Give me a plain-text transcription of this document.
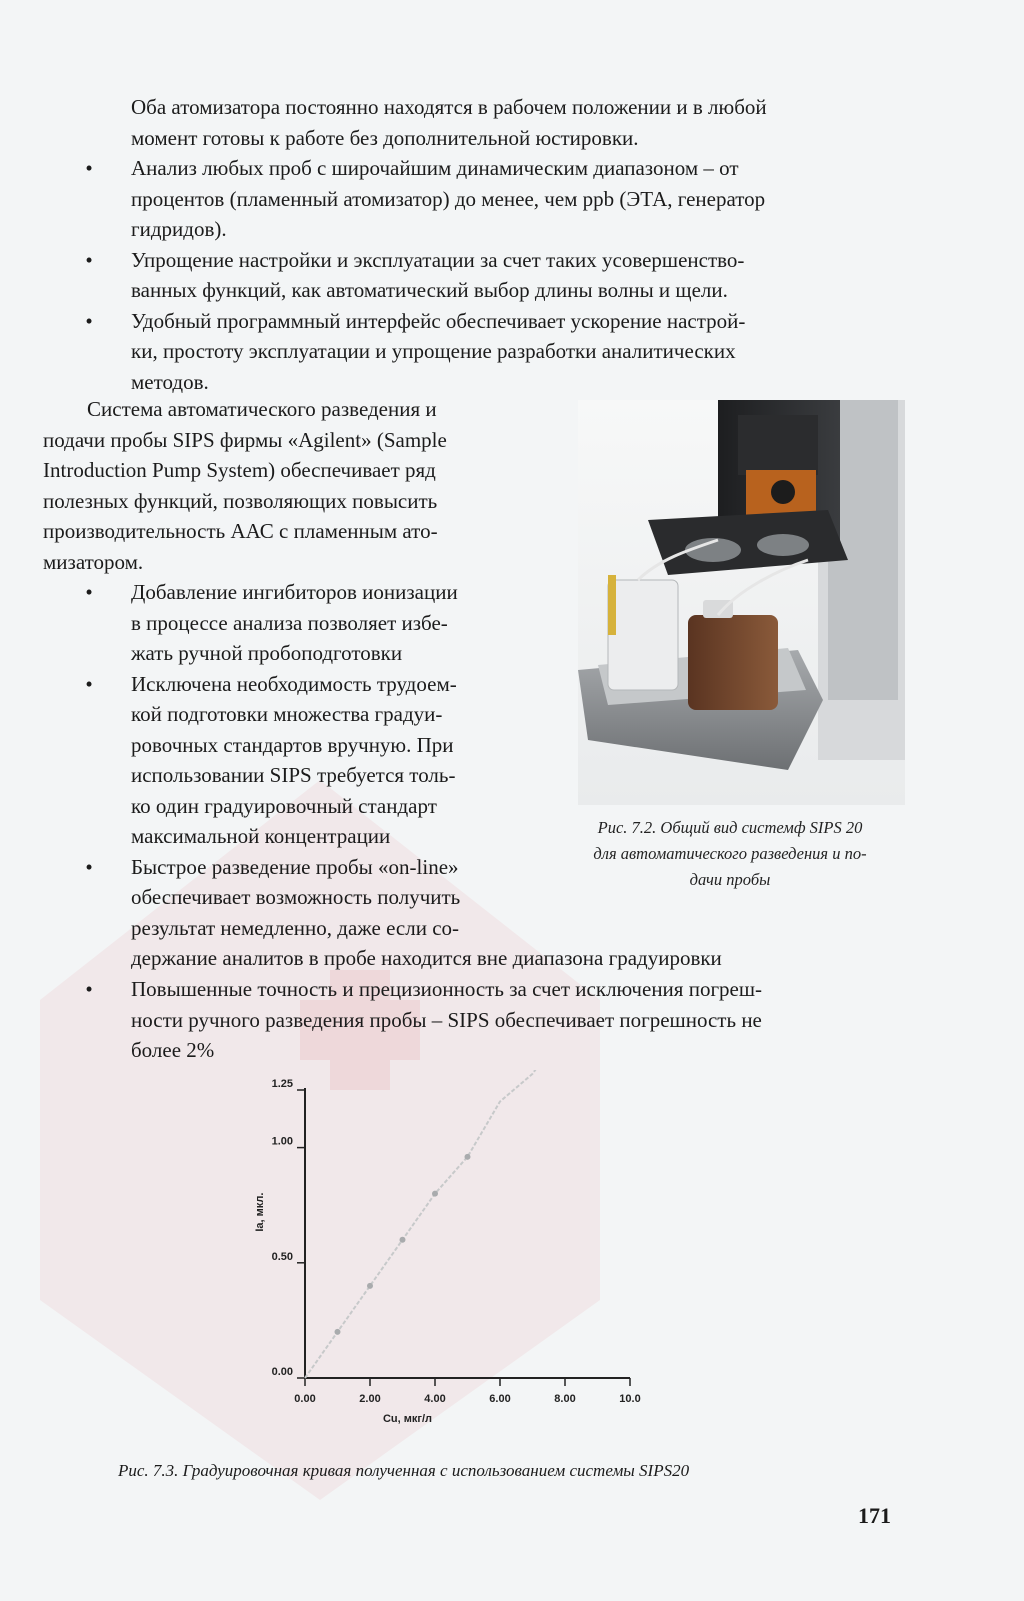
Оба атомизатора постоянно находятся в рабочем положении и в любой
момент готовы к работе без дополнительной юстировки.
• Анализ любых проб с широчайшим динамическим диапазоном – от
процентов (пламенный атомизатор) до менее, чем ppb (ЭТА, генератор
гидридов).
• Упрощение настройки и эксплуатации за счет таких усовершенство-
ванных функций, как автоматический выбор длины волны и щели.
• Удобный программный интерфейс обеспечивает ускорение настрой-
ки, простоту эксплуатации и упрощение разработки аналитических
методов.
Система автоматического разведения и
подачи пробы SIPS фирмы «Agilent» (Sample
Introduction Pump System) обеспечивает ряд
полезных функций, позволяющих повысить
производительность ААС с пламенным ато-
мизатором.
• Добавление ингибиторов ионизации
в процессе анализа позволяет избе-
жать ручной пробоподготовки
• Исключена необходимость трудоем-
кой подготовки множества градуи-
ровочных стандартов вручную. При
использовании SIPS требуется толь-
ко один градуировочный стандарт
максимальной концентрации
• Быстрое разведение пробы «on-line»
обеспечивает возможность получить
результат немедленно, даже если со-
держание аналитов в пробе находится вне диапазона градуировки
• Повышенные точность и прецизионность за счет исключения погреш-
ности ручного разведения пробы – SIPS обеспечивает погрешность не
более 2%
Рис. 7.2. Общий вид системф SIPS 20
для автоматического разведения и по-
дачи пробы
0.00
0.50
1.00
1.25
0.00	2.00	4.00	6.00	8.00	10.0
Cu, мкг/л
Iа, мкл.
Рис. 7.3. Градуировочная кривая полученная с использованием системы SIPS20
171
